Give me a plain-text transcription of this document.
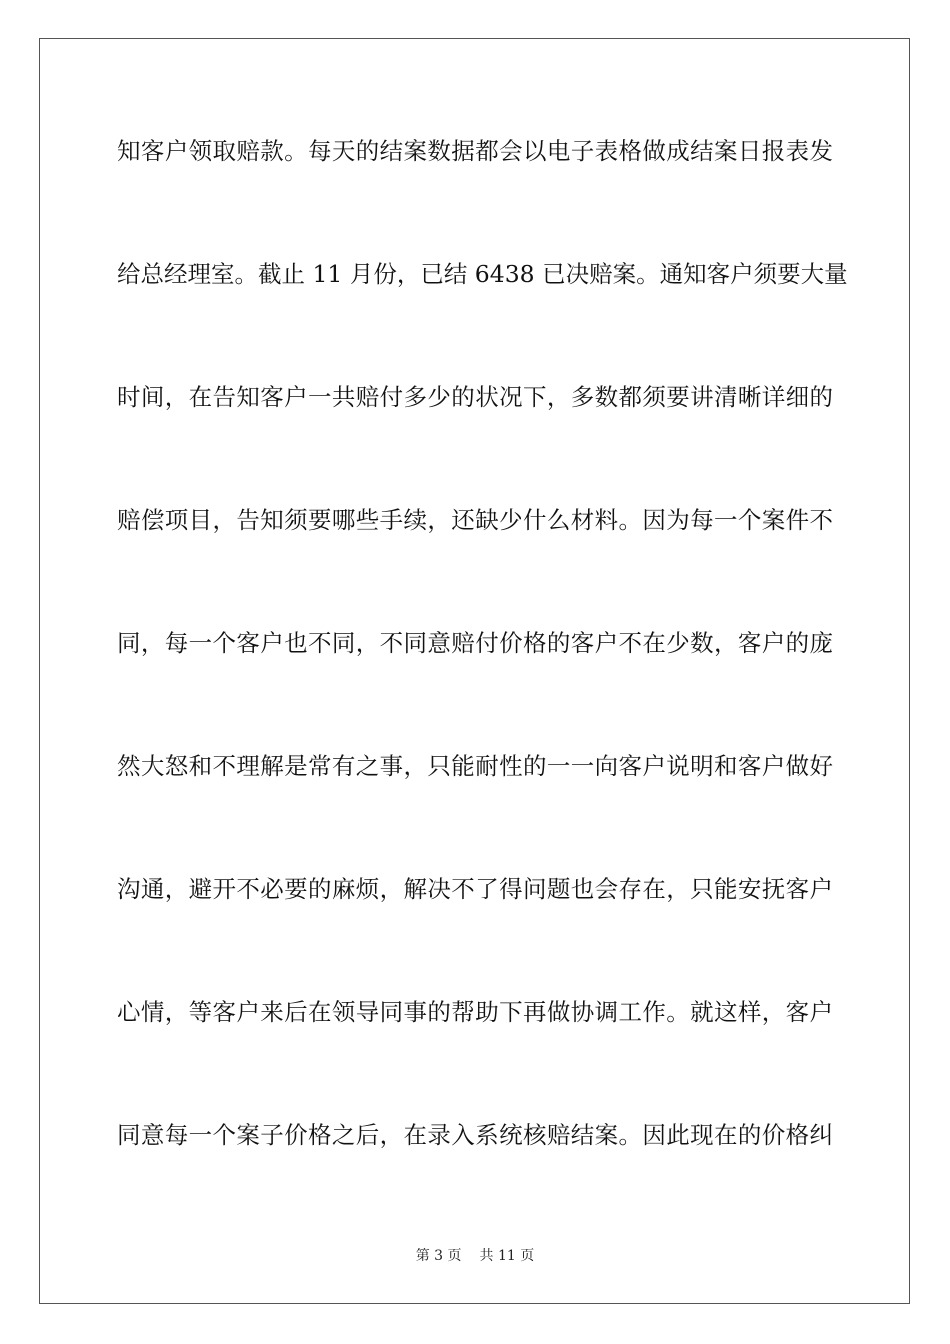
知客户领取赔款。每天的结案数据都会以电子表格做成结案日报表发
给总经理室。截止 11 月份，已结 6438 已决赔案。通知客户须要大量
时间，在告知客户一共赔付多少的状况下，多数都须要讲清晰详细的
赔偿项目，告知须要哪些手续，还缺少什么材料。因为每一个案件不
同，每一个客户也不同，不同意赔付价格的客户不在少数，客户的庞
然大怒和不理解是常有之事，只能耐性的一一向客户说明和客户做好
沟通，避开不必要的麻烦，解决不了得问题也会存在，只能安抚客户
心情，等客户来后在领导同事的帮助下再做协调工作。就这样，客户
同意每一个案子价格之后，在录入系统核赔结案。因此现在的价格纠
第 3 页 共 11 页
